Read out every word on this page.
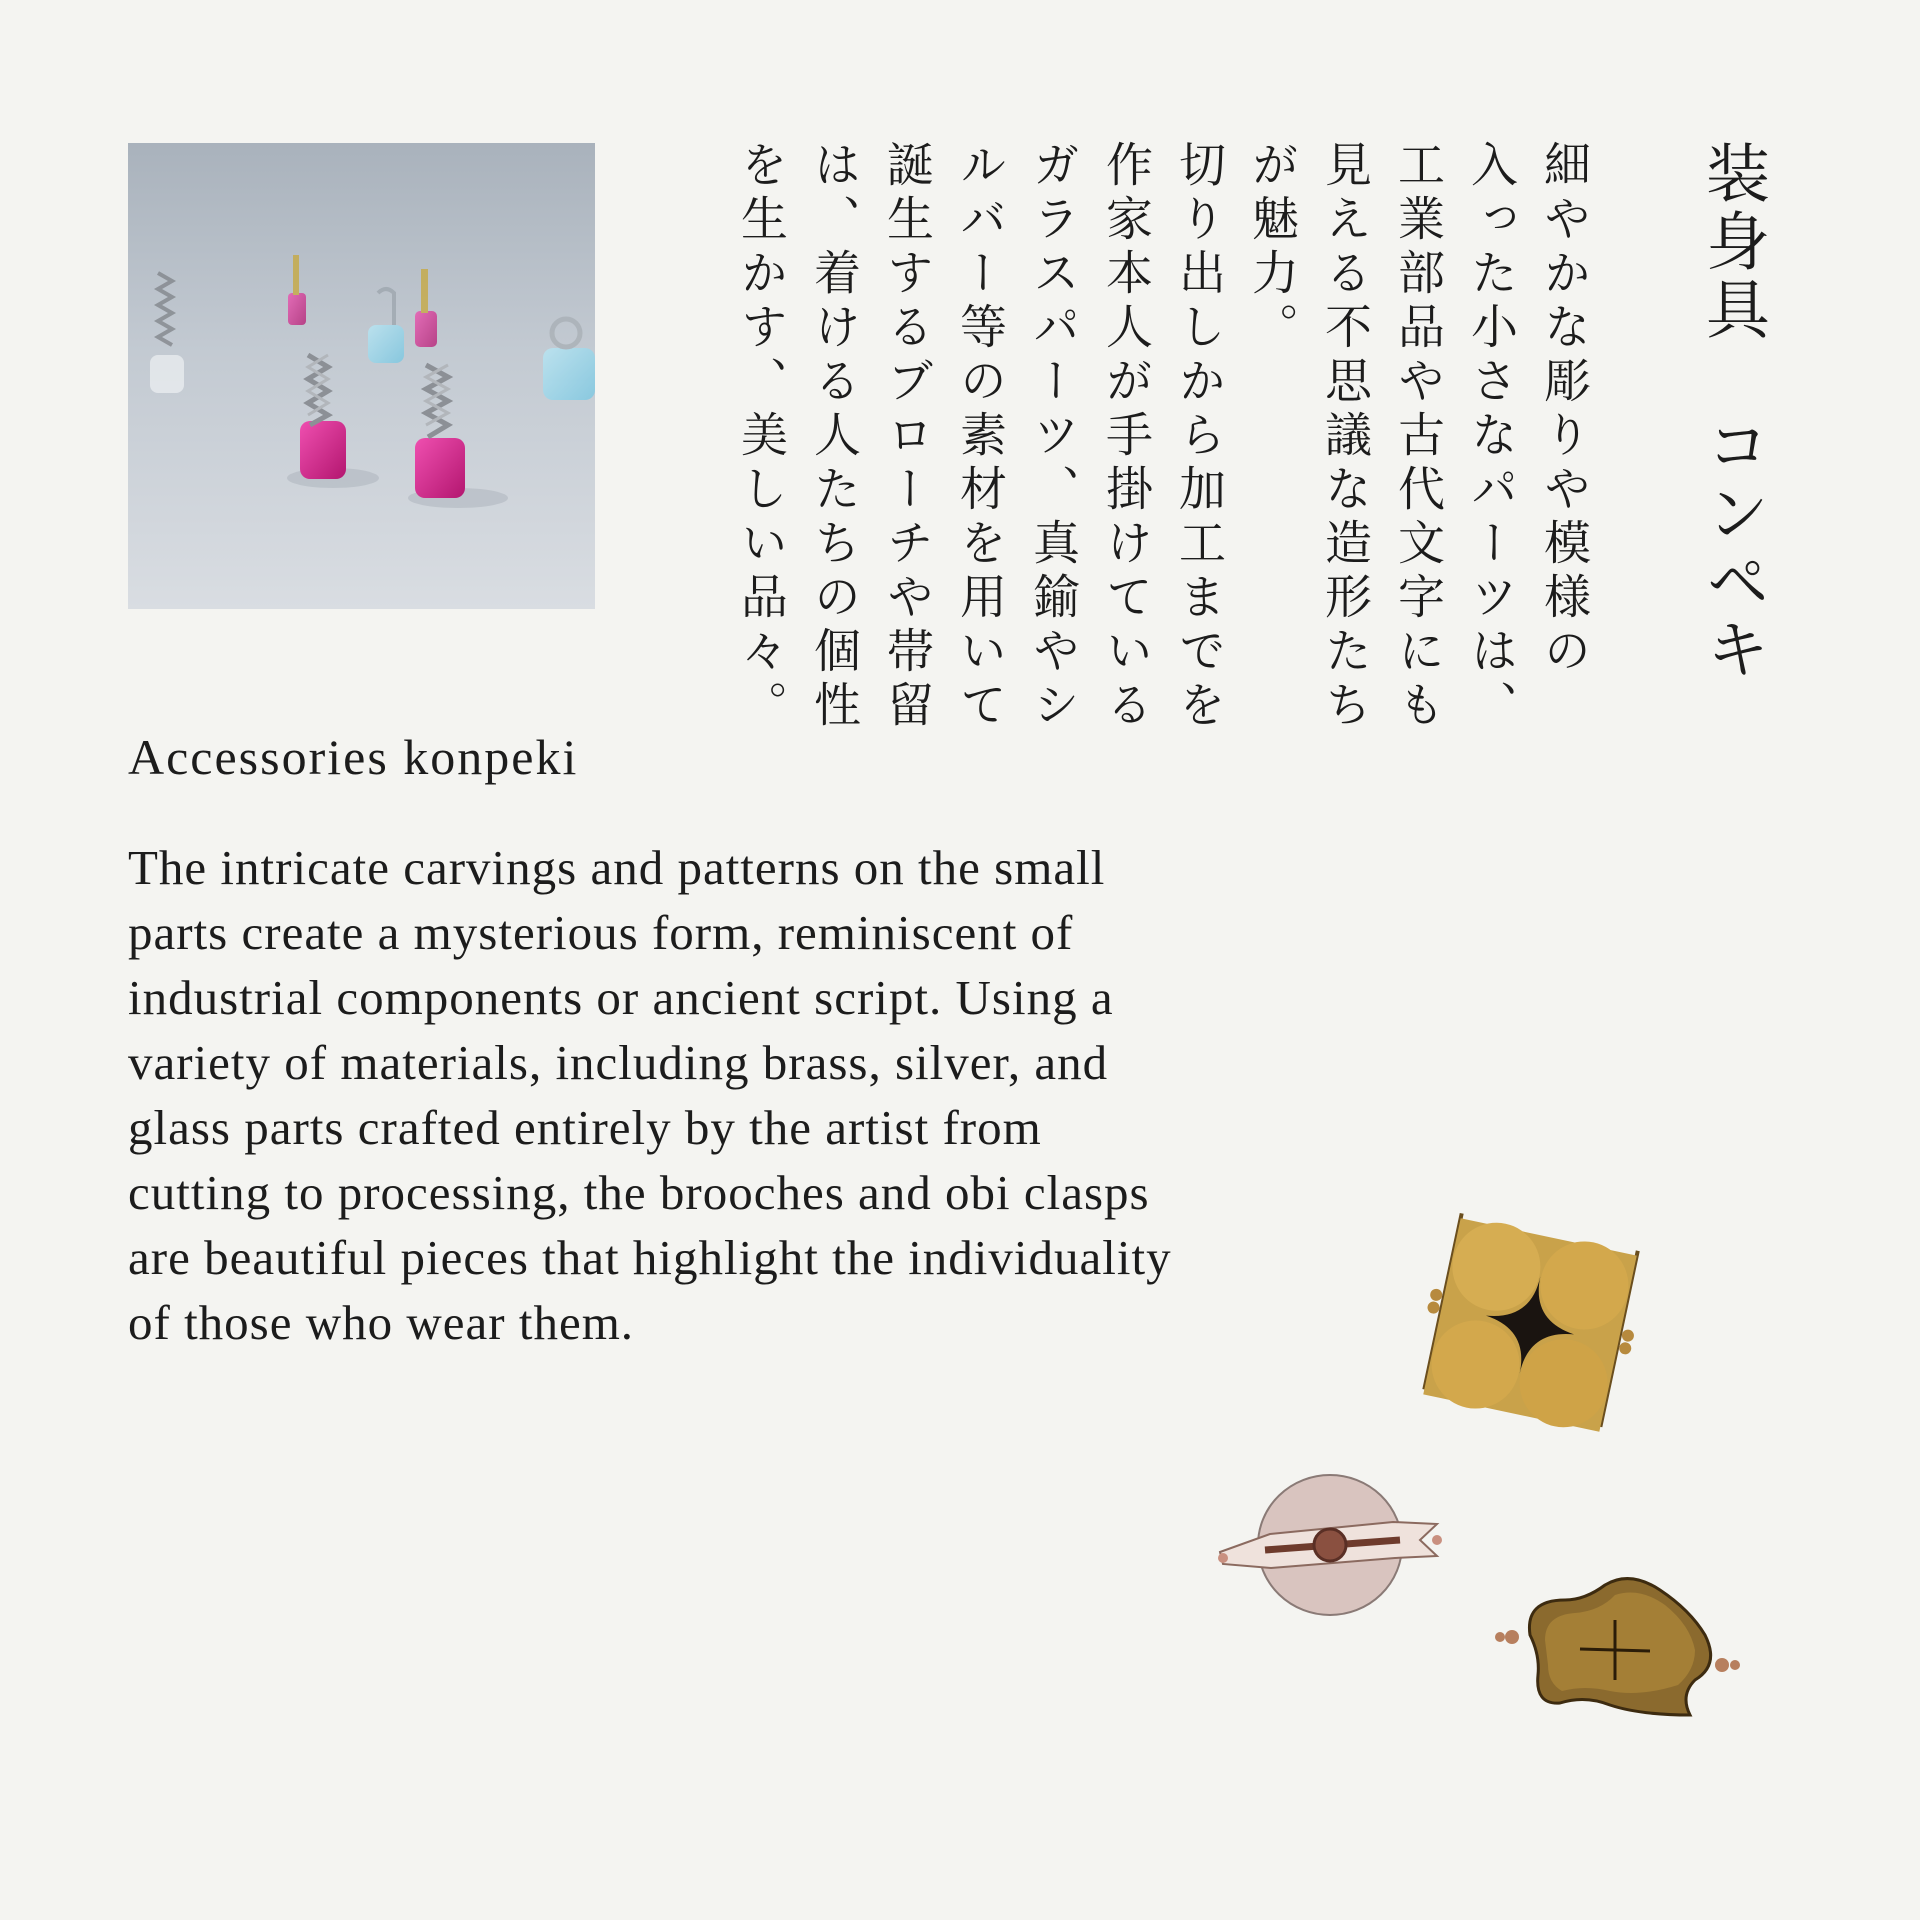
装身具　コンペキ
細やかな彫りや模様の
入った小さなパーツは、
工業部品や古代文字にも
見える不思議な造形たち
が魅力。
切り出しから加工までを
作家本人が手掛けている
ガラスパーツ、真鍮やシ
ルバー等の素材を用いて
誕生するブローチや帯留
は、着ける人たちの個性
を生かす、美しい品々。
Accessories konpeki
The intricate carvings and patterns on the small
parts create a mysterious form, reminiscent of
industrial components or ancient script. Using a
variety of materials, including brass, silver, and
glass parts crafted entirely by the artist from
cutting to processing, the brooches and obi clasps
are beautiful pieces that highlight the individuality
of those who wear them.
